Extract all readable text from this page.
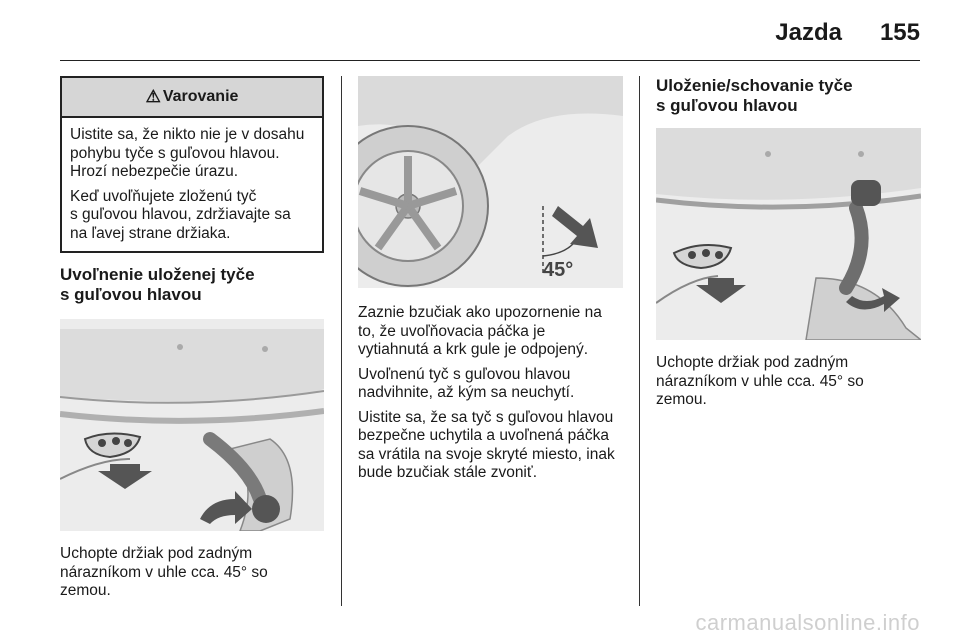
Jazda 155
⚠ Varovanie

Uistite sa, že nikto nie je v dosahu
pohybu tyče s guľovou hlavou.
Hrozí nebezpečie úrazu.

Keď uvoľňujete zloženú tyč
s guľovou hlavou, zdržiavajte sa
na ľavej strane držiaka.

Uvoľnenie uloženej tyče
s guľovou hlavou

Uchopte držiak pod zadným
nárazníkom v uhle cca. 45° so
zemou.

45°

Zaznie bzučiak ako upozornenie na
to, že uvoľňovacia páčka je
vytiahnutá a krk gule je odpojený.

Uvoľnenú tyč s guľovou hlavou
nadvihnite, až kým sa neuchytí.

Uistite sa, že sa tyč s guľovou hlavou
bezpečne uchytila a uvoľnená páčka
sa vrátila na svoje skryté miesto, inak
bude bzučiak stále zvoniť.

Uloženie/schovanie tyče
s guľovou hlavou

Uchopte držiak pod zadným
nárazníkom v uhle cca. 45° so
zemou.

carmanualsonline.info
